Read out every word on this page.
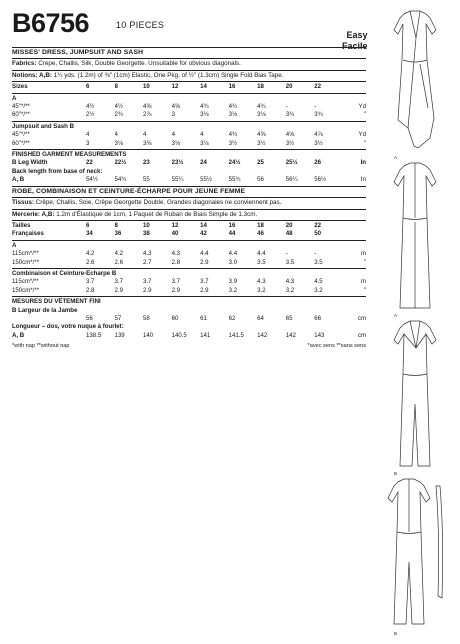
B6756	10 PIECES
Easy
Facile
MISSES' DRESS, JUMPSUIT AND SASH
Fabrics: Crepe, Challis, Silk, Double Georgette. Unsuitable for obvious diagonals.
Notions: A,B: 1¼ yds. (1.2m) of ⅜" (1cm) Elastic, One Pkg. of ½" (1.3cm) Single Fold Bias Tape.
Sizes	6	8	10	12	14	16	18	20	22	

A										
45"*/**	4½	4½	4⅝	4⅝	4¾	4¾	4¾	-	-	Yd
60"*/**	2½	2¾	2⅞	3	3⅛	3⅛	3⅛	3¾	3¾	"

Jumpsuit and Sash B										
45"*/**	4	4	4	4	4	4¾	4⅝	4⅝	4⅞	Yd
60"*/**	3	3⅛	3⅜	3⅛	3⅛	3½	3½	3½	3½	"

FINISHED GARMENT MEASUREMENTS										
B Leg Width	22	22½	23	23½	24	24½	25	25½	26	In
Back length from base of neck:										
A, B	54½	54¾	55	55¼	55½	55¾	56	56¼	56½	In
ROBE, COMBINAISON ET CEINTURE-ÉCHARPE POUR JEUNE FEMME
Tissus: Crêpe, Challis, Soie, Crêpe Georgette Double. Grandes diagonales ne conviennent pas.
Mercerie: A,B: 1.2m d'Élastique de 1cm, 1 Paquet de Ruban de Biais Simple de 1.3cm.
Tailles	6	8	10	12	14	16	18	20	22	
Françaises	34	36	38	40	42	44	46	48	50	

A										
115cm*/**	4.2	4.2	4.3	4.3	4.4	4.4	4.4	-	-	m
150cm*/**	2.6	2.6	2.7	2.8	2.9	3.0	3.5	3.5	3.5	"

Combinaison et Ceinture-Écharpe B										
115cm*/**	3.7	3.7	3.7	3.7	3.7	3.9	4.3	4.3	4.5	m
150cm*/**	2.8	2.9	2.9	2.9	2.9	3.2	3.2	3.2	3.2	"

MESURES DU VÊTEMENT FINI										
B Largeur de la Jambe										
	56	57	58	60	61	62	64	65	66	cm
Longueur – dos, votre nuque à fourlet:										
A, B	138.5	139	140	140.5	141	141.5	142	142	143	cm
*with nap **without nap	*avec sens **sans sens
A
A
B
B
